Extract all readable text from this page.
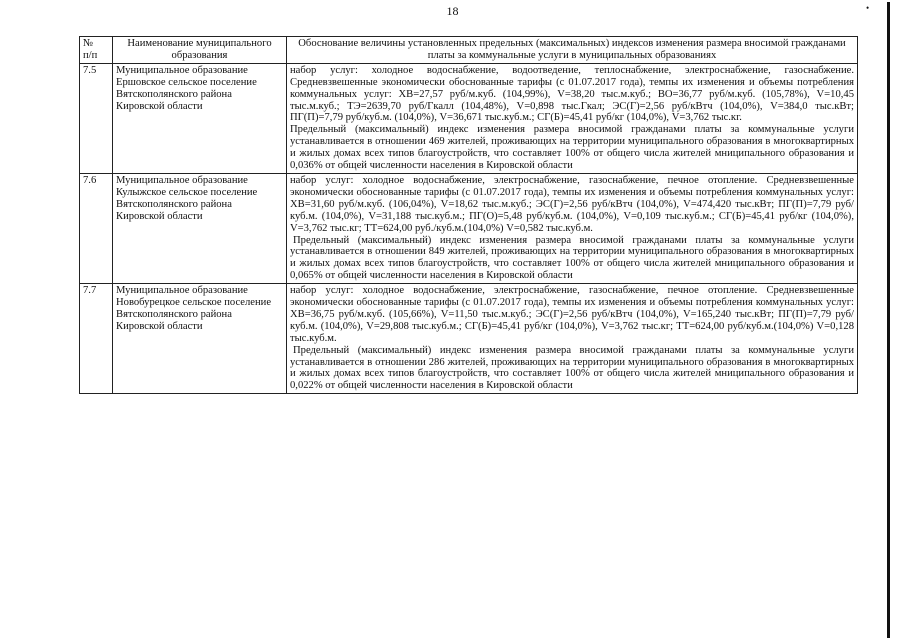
18	•
№
п/п	Наименование муниципального образования	Обоснование величины установленных предельных (максимальных) индексов изменения размера вносимой гражданами платы за коммунальные услуги в муниципальных образованиях
7.5	Муниципальное образование Ершовское сельское поселение Вятскополянского района Кировской области	набор услуг: холодное водоснабжение, водоотведение, теплоснабжение, электроснабжение, газоснабжение. Средневзвешенные экономически обоснованные тарифы (с 01.07.2017 года), темпы их изменения и объемы потребления коммунальных услуг: ХВ=27,57 руб/м.куб. (104,99%), V=38,20 тыс.м.куб.; ВО=36,77 руб/м.куб. (105,78%), V=10,45 тыс.м.куб.; ТЭ=2639,70 руб/Гкалл (104,48%), V=0,898 тыс.Гкал; ЭС(Г)=2,56 руб/кВтч (104,0%), V=384,0 тыс.кВт; ПГ(П)=7,79 руб/куб.м. (104,0%), V=36,671 тыс.куб.м.; СГ(Б)=45,41 руб/кг (104,0%), V=3,762 тыс.кг.

Предельный (максимальный) индекс изменения размера вносимой гражданами платы за коммунальные услуги устанавливается в отношении 469 жителей, проживающих на территории муниципального образования в многоквартирных и жилых домах всех типов благоустройств, что составляет 100% от общего числа жителей мниципального образования и 0,036% от общей численности населения в Кировской области

7.6	Муниципальное образование Кулыжское сельское поселение Вятскополянского района Кировской области	набор услуг: холодное водоснабжение, электроснабжение, газоснабжение, печное отопление. Средневзвешенные экономически обоснованные тарифы (с 01.07.2017 года), темпы их изменения и объемы потребления коммунальных услуг: ХВ=31,60 руб/м.куб. (106,04%), V=18,62 тыс.м.куб.; ЭС(Г)=2,56 руб/кВтч (104,0%), V=474,420 тыс.кВт; ПГ(П)=7,79 руб/куб.м. (104,0%), V=31,188 тыс.куб.м.; ПГ(О)=5,48 руб/куб.м. (104,0%), V=0,109 тыс.куб.м.; СГ(Б)=45,41 руб/кг (104,0%), V=3,762 тыс.кг; ТТ=624,00 руб./куб.м.(104,0%) V=0,582 тыс.куб.м.

Предельный (максимальный) индекс изменения размера вносимой гражданами платы за коммунальные услуги устанавливается в отношении 849 жителей, проживающих на территории муниципального образования в многоквартирных и жилых домах всех типов благоустройств, что составляет 100% от общего числа жителей мниципального образования и 0,065% от общей численности населения в Кировской области

7.7	Муниципальное образование Новобурецкое сельское поселение Вятскополянского района Кировской области	набор услуг: холодное водоснабжение, электроснабжение, газоснабжение, печное отопление. Средневзвешенные экономически обоснованные тарифы (с 01.07.2017 года), темпы их изменения и объемы потребления коммунальных услуг: ХВ=36,75 руб/м.куб. (105,66%), V=11,50 тыс.м.куб.; ЭС(Г)=2,56 руб/кВтч (104,0%), V=165,240 тыс.кВт; ПГ(П)=7,79 руб/куб.м. (104,0%), V=29,808 тыс.куб.м.; СГ(Б)=45,41 руб/кг (104,0%), V=3,762 тыс.кг; ТТ=624,00 руб/куб.м.(104,0%) V=0,128 тыс.куб.м.

Предельный (максимальный) индекс изменения размера вносимой гражданами платы за коммунальные услуги устанавливается в отношении 286 жителей, проживающих на территории муниципального образования в многоквартирных и жилых домах всех типов благоустройств, что составляет 100% от общего числа жителей мниципального образования и 0,022% от общей численности населения в Кировской области
